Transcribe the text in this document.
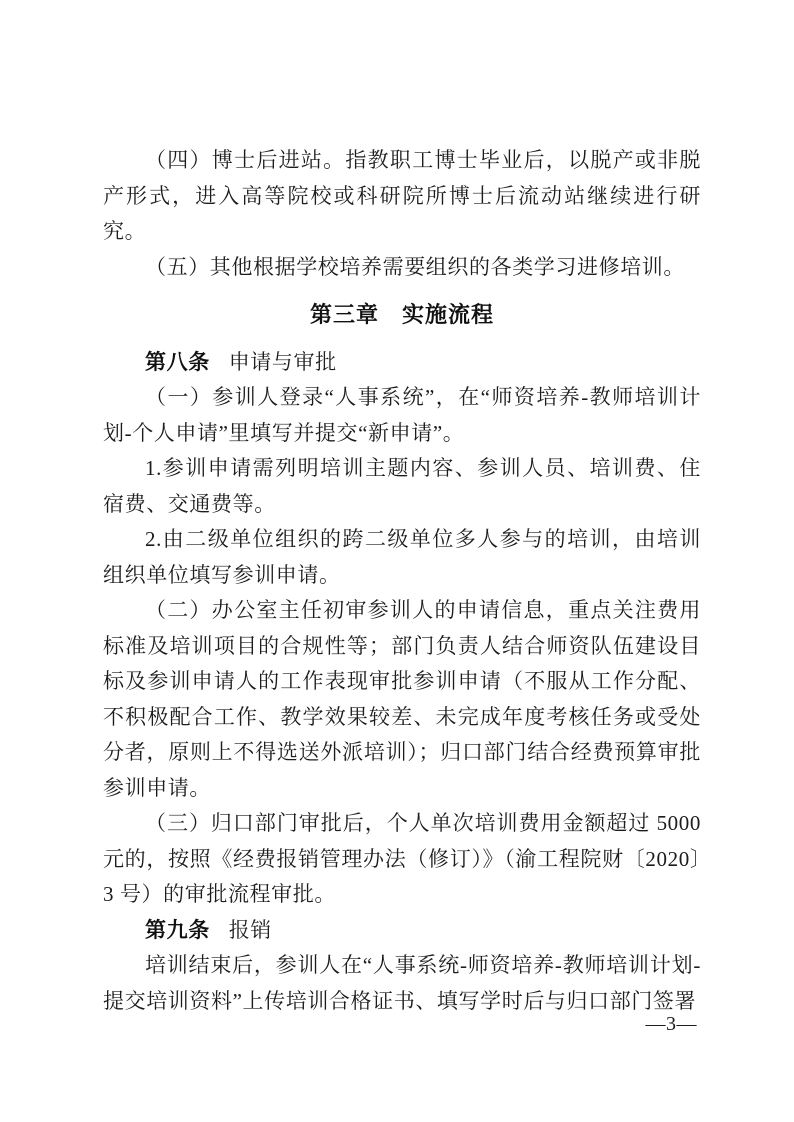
（四）博士后进站。指教职工博士毕业后，以脱产或非脱产形式，进入高等院校或科研院所博士后流动站继续进行研究。

（五）其他根据学校培养需要组织的各类学习进修培训。

第三章　实施流程

第八条 申请与审批

（一）参训人登录“人事系统”，在“师资培养-教师培训计划-个人申请”里填写并提交“新申请”。

1.参训申请需列明培训主题内容、参训人员、培训费、住宿费、交通费等。

2.由二级单位组织的跨二级单位多人参与的培训，由培训组织单位填写参训申请。

（二）办公室主任初审参训人的申请信息，重点关注费用标准及培训项目的合规性等；部门负责人结合师资队伍建设目标及参训申请人的工作表现审批参训申请（不服从工作分配、不积极配合工作、教学效果较差、未完成年度考核任务或受处分者，原则上不得选送外派培训）；归口部门结合经费预算审批参训申请。

（三）归口部门审批后，个人单次培训费用金额超过 5000 元的，按照《经费报销管理办法（修订）》（渝工程院财〔2020〕3 号）的审批流程审批。

第九条 报销

培训结束后，参训人在“人事系统-师资培养-教师培训计划-提交培训资料”上传培训合格证书、填写学时后与归口部门签署

—3—
